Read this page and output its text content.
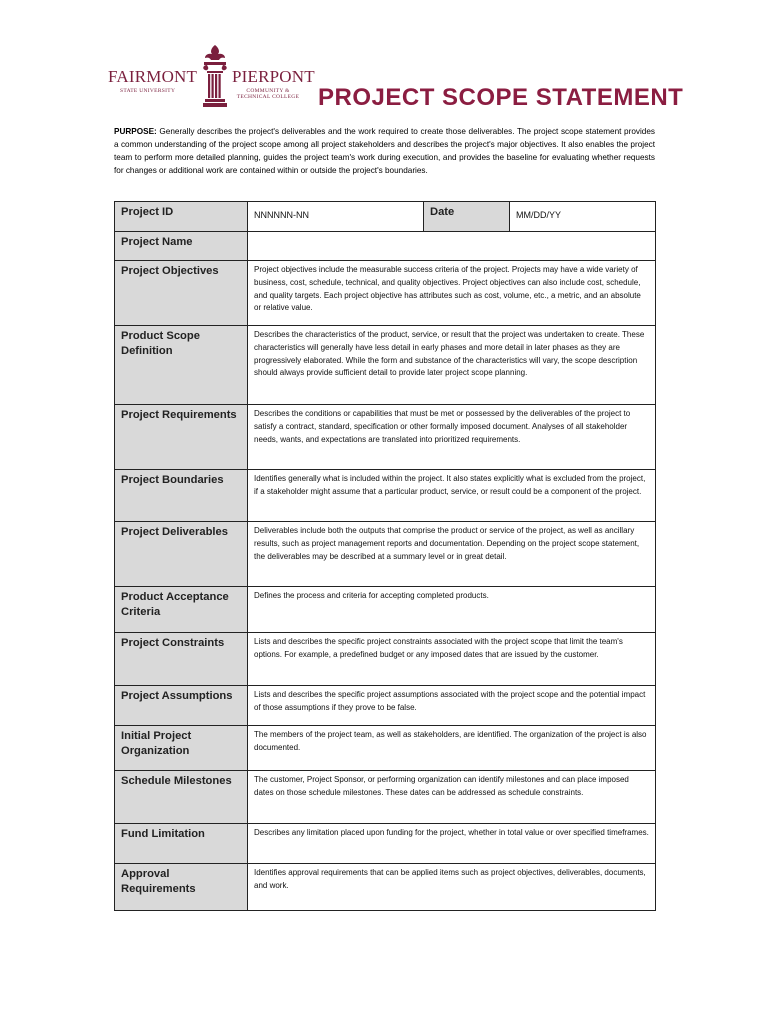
FAIRMONT
STATE UNIVERSITY
PIERPONT
COMMUNITY & TECHNICAL COLLEGE PROJECT SCOPE STATEMENT
PURPOSE: Generally describes the project's deliverables and the work required to create those deliverables. The project scope statement provides a common understanding of the project scope among all project stakeholders and describes the project's major objectives. It also enables the project team to perform more detailed planning, guides the project team's work during execution, and provides the baseline for evaluating whether requests for changes or additional work are contained within or outside the project's boundaries.
Project ID	NNNNNN-NN	Date	MM/DD/YY
Project Name			
Project Objectives	Project objectives include the measurable success criteria of the project. Projects may have a wide variety of business, cost, schedule, technical, and quality objectives. Project objectives can also include cost, schedule, and quality targets. Each project objective has attributes such as cost, volume, etc., a metric, and an absolute or relative value.		
Product Scope Definition	Describes the characteristics of the product, service, or result that the project was undertaken to create. These characteristics will generally have less detail in early phases and more detail in later phases as they are progressively elaborated. While the form and substance of the characteristics will vary, the scope description should always provide sufficient detail to provide later project scope planning.		
Project Requirements	Describes the conditions or capabilities that must be met or possessed by the deliverables of the project to satisfy a contract, standard, specification or other formally imposed document. Analyses of all stakeholder needs, wants, and expectations are translated into prioritized requirements.		
Project Boundaries	Identifies generally what is included within the project. It also states explicitly what is excluded from the project, if a stakeholder might assume that a particular product, service, or result could be a component of the project.		
Project Deliverables	Deliverables include both the outputs that comprise the product or service of the project, as well as ancillary results, such as project management reports and documentation. Depending on the project scope statement, the deliverables may be described at a summary level or in great detail.		
Product Acceptance Criteria	Defines the process and criteria for accepting completed products.		
Project Constraints	Lists and describes the specific project constraints associated with the project scope that limit the team's options. For example, a predefined budget or any imposed dates that are issued by the customer.		
Project Assumptions	Lists and describes the specific project assumptions associated with the project scope and the potential impact of those assumptions if they prove to be false.		
Initial Project Organization	The members of the project team, as well as stakeholders, are identified. The organization of the project is also documented.		
Schedule Milestones	The customer, Project Sponsor, or performing organization can identify milestones and can place imposed dates on those schedule milestones. These dates can be addressed as schedule constraints.		
Fund Limitation	Describes any limitation placed upon funding for the project, whether in total value or over specified timeframes.		
Approval Requirements	Identifies approval requirements that can be applied items such as project objectives, deliverables, documents, and work.		
